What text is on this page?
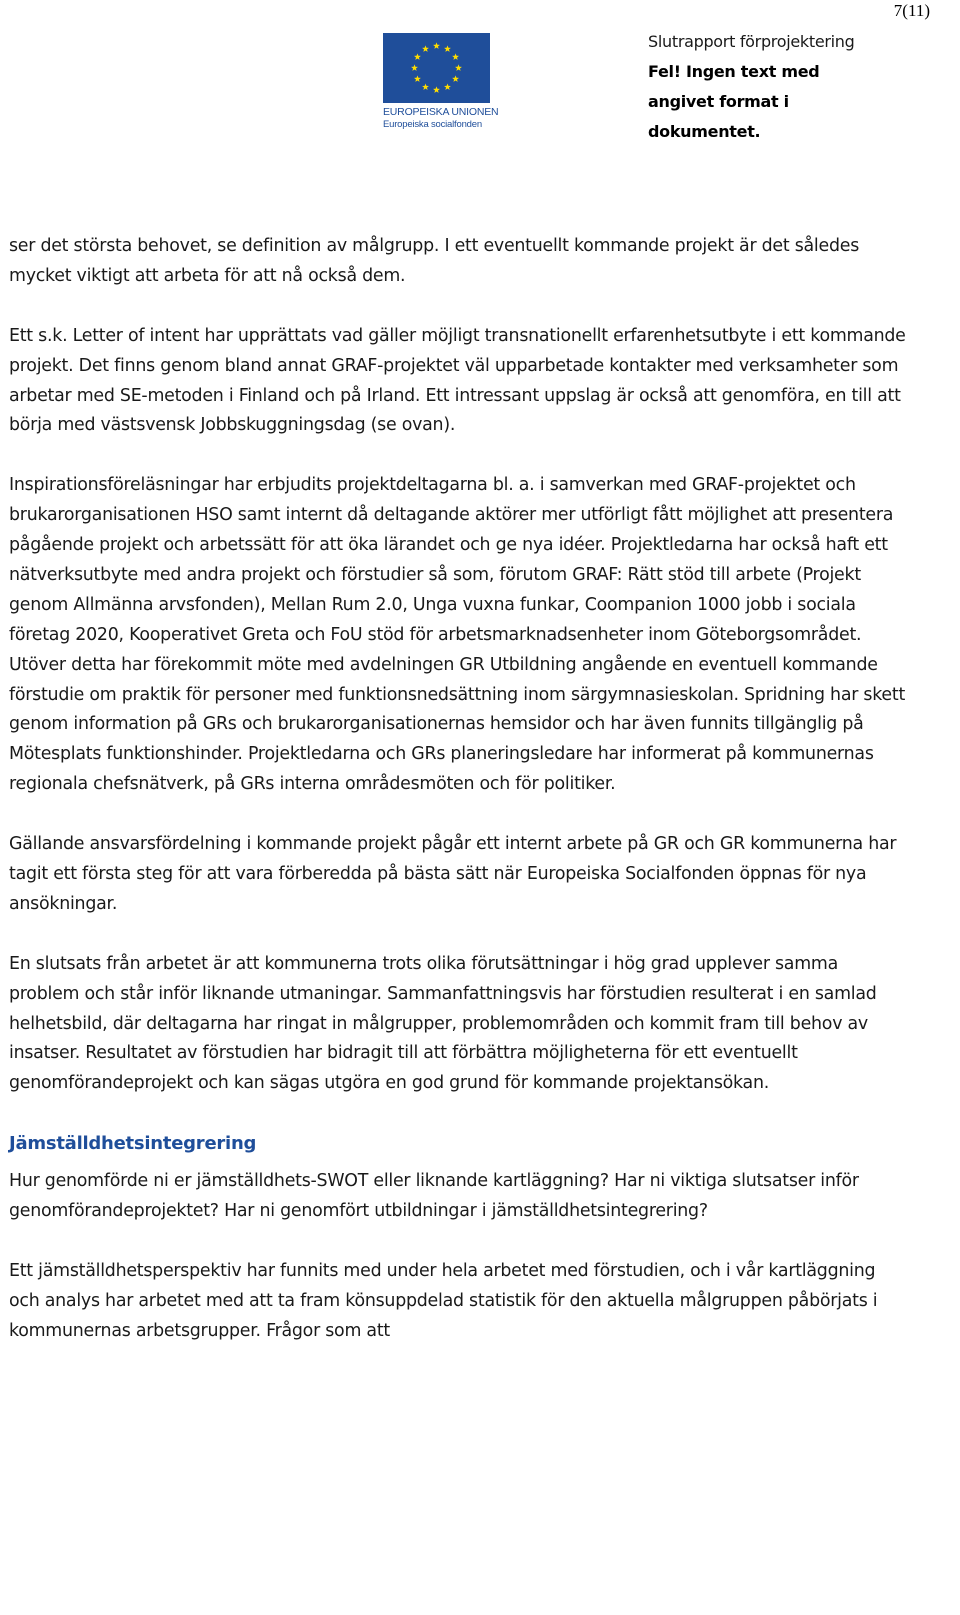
7(11)
EUROPEISKA UNIONEN
Europeiska socialfonden
Slutrapport förprojektering
Fel! Ingen text med
angivet format i
dokumentet.

ser det största behovet, se definition av målgrupp. I ett eventuellt kommande projekt är det således mycket viktigt att arbeta för att nå också dem.

Ett s.k. Letter of intent har upprättats vad gäller möjligt transnationellt erfarenhetsutbyte i ett kommande projekt. Det finns genom bland annat GRAF-projektet väl upparbetade kontakter med verksamheter som arbetar med SE-metoden i Finland och på Irland. Ett intressant uppslag är också att genomföra, en till att börja med västsvensk Jobbskuggningsdag (se ovan).

Inspirationsföreläsningar har erbjudits projektdeltagarna bl. a. i samverkan med GRAF-projektet och brukarorganisationen HSO samt internt då deltagande aktörer mer utförligt fått möjlighet att presentera pågående projekt och arbetssätt för att öka lärandet och ge nya idéer. Projektledarna har också haft ett nätverksutbyte med andra projekt och förstudier så som, förutom GRAF: Rätt stöd till arbete (Projekt genom Allmänna arvsfonden), Mellan Rum 2.0, Unga vuxna funkar, Coompanion 1000 jobb i sociala företag 2020, Kooperativet Greta och FoU stöd för arbetsmarknadsenheter inom Göteborgsområdet. Utöver detta har förekommit möte med avdelningen GR Utbildning angående en eventuell kommande förstudie om praktik för personer med funktionsnedsättning inom särgymnasieskolan. Spridning har skett genom information på GRs och brukarorganisationernas hemsidor och har även funnits tillgänglig på Mötesplats funktionshinder. Projektledarna och GRs planeringsledare har informerat på kommunernas regionala chefsnätverk, på GRs interna områdesmöten och för politiker.

Gällande ansvarsfördelning i kommande projekt pågår ett internt arbete på GR och GR kommunerna har tagit ett första steg för att vara förberedda på bästa sätt när Europeiska Socialfonden öppnas för nya ansökningar.

En slutsats från arbetet är att kommunerna trots olika förutsättningar i hög grad upplever samma problem och står inför liknande utmaningar. Sammanfattningsvis har förstudien resulterat i en samlad helhetsbild, där deltagarna har ringat in målgrupper, problemområden och kommit fram till behov av insatser. Resultatet av förstudien har bidragit till att förbättra möjligheterna för ett eventuellt genomförandeprojekt och kan sägas utgöra en god grund för kommande projektansökan.

Jämställdhetsintegrering

Hur genomförde ni er jämställdhets-SWOT eller liknande kartläggning? Har ni viktiga slutsatser inför genomförandeprojektet? Har ni genomfört utbildningar i jämställdhetsintegrering?

Ett jämställdhetsperspektiv har funnits med under hela arbetet med förstudien, och i vår kartläggning och analys har arbetet med att ta fram könsuppdelad statistik för den aktuella målgruppen påbörjats i kommunernas arbetsgrupper. Frågor som att
